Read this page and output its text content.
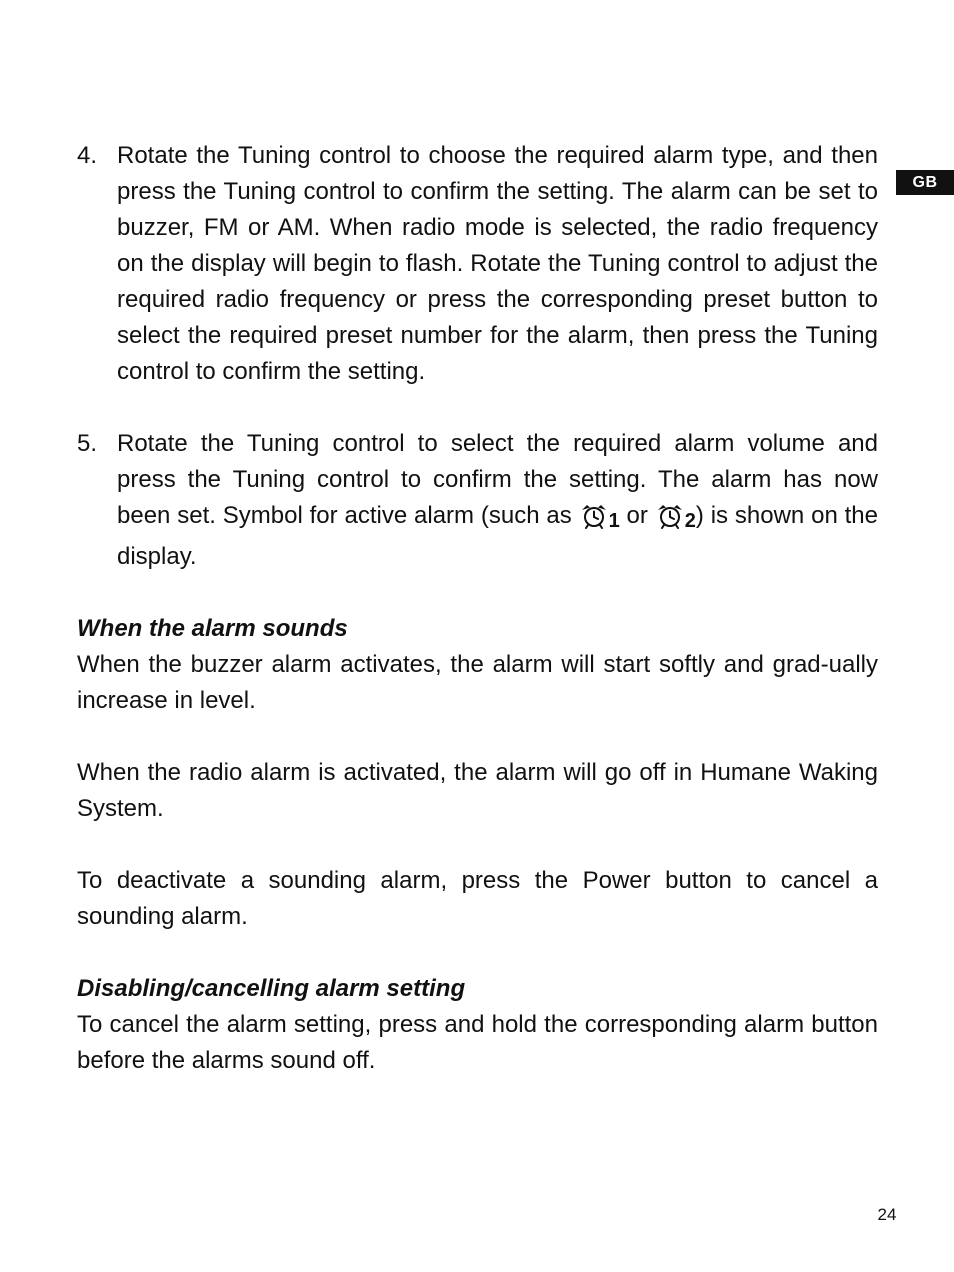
GB
4. Rotate the Tuning control to choose the required alarm type, and then press the Tuning control to confirm the setting. The alarm can be set to buzzer, FM or AM. When radio mode is selected, the radio frequency on the display will begin to flash. Rotate the Tuning control to adjust the required radio frequency or press the corresponding preset button to select the required preset number for the alarm, then press the Tuning control to confirm the setting.
5. Rotate the Tuning control to select the required alarm volume and press the Tuning control to confirm the setting. The alarm has now been set. Symbol for active alarm (such as 1 or 2) is shown on the display.
When the alarm sounds

When the buzzer alarm activates, the alarm will start softly and grad-ually increase in level.

When the radio alarm is activated, the alarm will go off in Humane Waking System.

To deactivate a sounding alarm, press the Power button to cancel a sounding alarm.

Disabling/cancelling alarm setting

To cancel the alarm setting, press and hold the corresponding alarm button before the alarms sound off.

24
